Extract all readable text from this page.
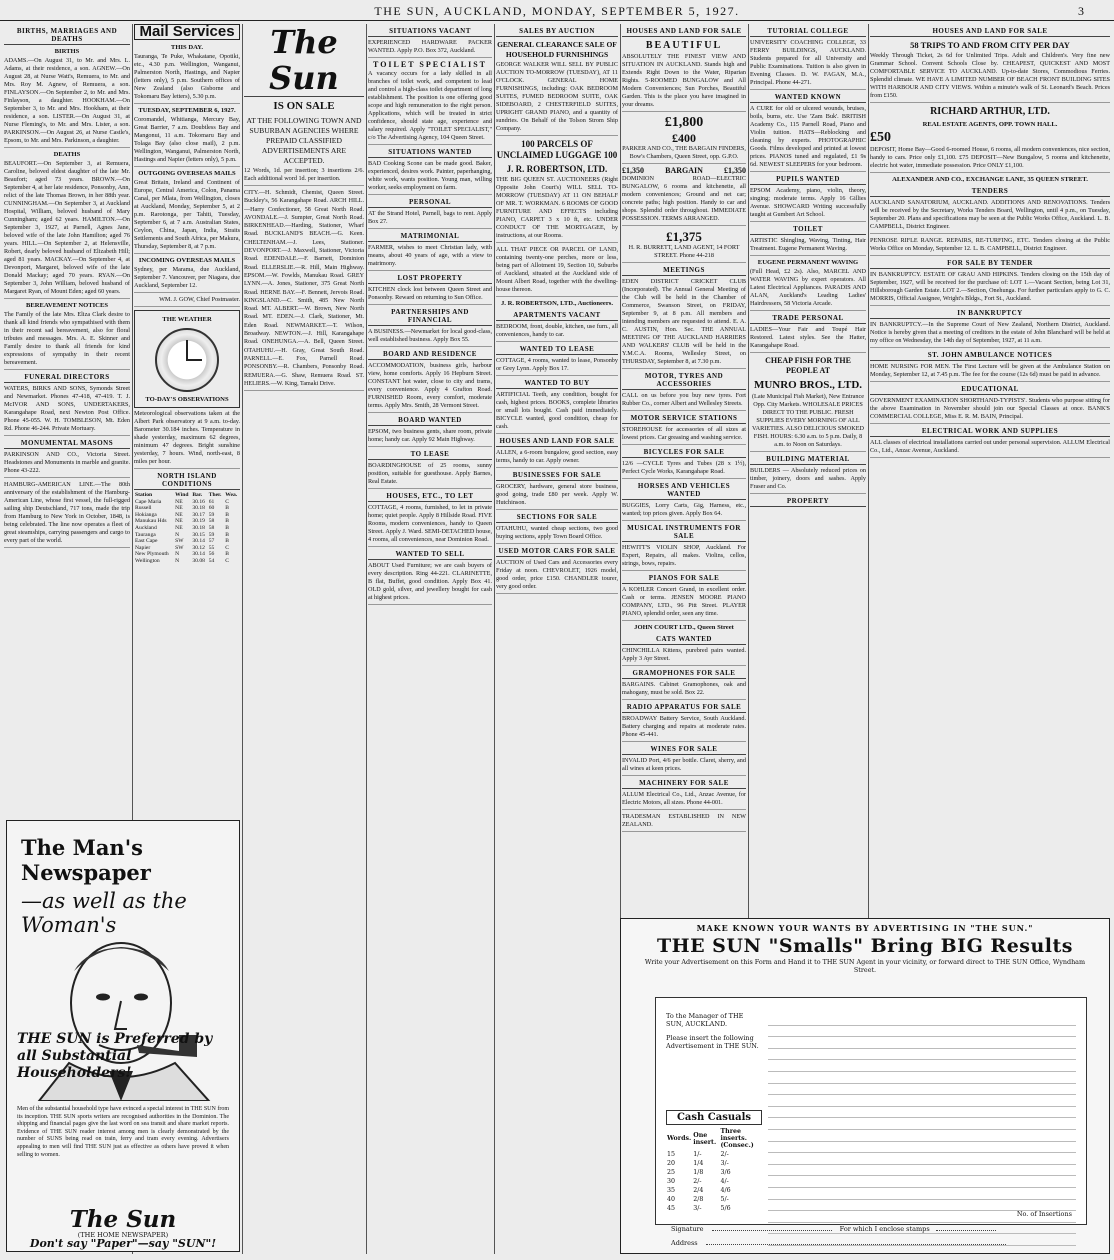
THE SUN, AUCKLAND, MONDAY, SEPTEMBER 5, 1927.	3
BIRTHS, MARRIAGES AND DEATHS
BIRTHS
ADAMS.—On August 31, to Mr. and Mrs. L. Adams, at their residence, a son. AGNEW.—On August 28, at Nurse Watt's, Remuera, to Mr. and Mrs. Roy M. Agnew, of Remuera, a son. FINLAYSON.—On September 2, to Mr. and Mrs. Finlayson, a daughter. HOOKHAM.—On September 3, to Mr. and Mrs. Hookham, at their residence, a son. LISTER.—On August 31, at Nurse Fleming's, to Mr. and Mrs. Lister, a son. PARKINSON.—On August 26, at Nurse Castle's, Epsom, to Mr. and Mrs. Parkinson, a daughter.
DEATHS
BEAUFORT.—On September 3, at Remuera, Caroline, beloved eldest daughter of the late Mr. Beaufort; aged 73 years. BROWN.—On September 4, at her late residence, Ponsonby, Ann, relict of the late Thomas Brown, in her 88th year. CUNNINGHAM.—On September 3, at Auckland Hospital, William, beloved husband of Mary Cunningham; aged 62 years. HAMILTON.—On September 3, 1927, at Parnell, Agnes Jane, beloved wife of the late John Hamilton; aged 76 years. HILL.—On September 2, at Helensville, Robert, dearly beloved husband of Elizabeth Hill; aged 81 years. MACKAY.—On September 4, at Devonport, Margaret, beloved wife of the late Donald Mackay; aged 70 years. RYAN.—On September 3, John William, beloved husband of Margaret Ryan, of Mount Eden; aged 60 years.
BEREAVEMENT NOTICES
The Family of the late Mrs. Eliza Clark desire to thank all kind friends who sympathised with them in their recent sad bereavement, also for floral tributes and messages. Mrs. A. E. Skinner and Family desire to thank all friends for kind expressions of sympathy in their recent bereavement.
FUNERAL DIRECTORS
WATERS, BIRKS AND SONS, Symonds Street and Newmarket. Phones 47-418, 47-419. T. J. McIVOR AND SONS, UNDERTAKERS, Karangahape Road, next Newton Post Office. Phone 45-055. W. H. TOMBLESON, Mt. Eden Rd. Phone 46-244. Private Mortuary.
MONUMENTAL MASONS
PARKINSON AND CO., Victoria Street. Headstones and Monuments in marble and granite. Phone 43-222.
HAMBURG-AMERICAN LINE.—The 80th anniversary of the establishment of the Hamburg-American Line, whose first vessel, the full-rigged sailing ship Deutschland, 717 tons, made the trip from Hamburg to New York in October, 1848, is being celebrated. The line now operates a fleet of great steamships, carrying passengers and cargo to every part of the world.
Mail Services
THIS DAY.
Tauranga, Te Puke, Whakatane, Opotiki, etc., 4.30 p.m. Wellington, Wanganui, Palmerston North, Hastings, and Napier (letters only), 5 p.m. Southern offices of New Zealand (also Gisborne and Tokomaru Bay letters), 5.30 p.m.
TUESDAY, SEPTEMBER 6, 1927.
Coromandel, Whitianga, Mercury Bay, Great Barrier, 7 a.m. Doubtless Bay and Mangonui, 11 a.m. Tokomaru Bay and Tolaga Bay (also close mail), 2 p.m. Wellington, Wanganui, Palmerston North, Hastings and Napier (letters only), 5 p.m.
OUTGOING OVERSEAS MAILS
Great Britain, Ireland and Continent of Europe, Central America, Colon, Panama Canal, per Mlata, from Wellington, closes at Auckland, Monday, September 5, at 2 p.m. Rarotonga, per Tahiti, Tuesday, September 6, at 7 a.m. Australian States, Ceylon, China, Japan, India, Straits Settlements and South Africa, per Makura, Thursday, September 8, at 7 p.m.
INCOMING OVERSEAS MAILS
Sydney, per Marama, due Auckland, September 7. Vancouver, per Niagara, due Auckland, September 12.
WM. J. GOW, Chief Postmaster.
THE WEATHER
TO-DAY'S OBSERVATIONS
Meteorological observations taken at the Albert Park observatory at 9 a.m. to-day. Barometer 30.184 inches. Temperature in shade yesterday, maximum 62 degrees, minimum 47 degrees. Bright sunshine yesterday, 7 hours. Wind, north-east, 8 miles per hour.
NORTH ISLAND CONDITIONS
Station	Wind	Bar.	Ther.	Wea.
Cape Maria	NE	30.16	61	C
Russell	NE	30.18	60	B
Hokianga	NE	30.17	59	B
Manukau Hds	NE	30.19	58	B
Auckland	NE	30.18	58	B
Tauranga	N	30.15	59	B
East Cape	SW	30.14	57	B
Napier	SW	30.12	55	C
New Plymouth	N	30.14	56	B
Wellington	N	30.08	54	C
The Sun
IS ON SALE
AT THE FOLLOWING TOWN AND SUBURBAN AGENCIES WHERE PREPAID CLASSIFIED ADVERTISEMENTS ARE ACCEPTED.
12 Words, 1d. per insertion; 3 insertions 2/6. Each additional word 1d. per insertion.
CITY.—H. Schmidt, Chemist, Queen Street. Buckley's, 56 Karangahape Road. ARCH HILL.—Harry Confectioner, 58 Great North Road. AVONDALE.—J. Sumpter, Great North Road. BIRKENHEAD.—Harding, Stationer, Wharf Road. BUCKLAND'S BEACH.—G. Keen. CHELTENHAM.—J. Lees, Stationer. DEVONPORT.—J. Maxwell, Stationer, Victoria Road. EDENDALE.—F. Barnett, Dominion Road. ELLERSLIE.—R. Hill, Main Highway. EPSOM.—W. Fowlds, Manukau Road. GREY LYNN.—A. Jones, Stationer, 375 Great North Road. HERNE BAY.—F. Bennett, Jervois Road. KINGSLAND.—C. Smith, 485 New North Road. MT. ALBERT.—W. Brown, New North Road. MT. EDEN.—J. Clark, Stationer, Mt. Eden Road. NEWMARKET.—T. Wilson, Broadway. NEWTON.—J. Hill, Karangahape Road. ONEHUNGA.—A. Bell, Queen Street. OTAHUHU.—H. Gray, Great South Road. PARNELL.—E. Fox, Parnell Road. PONSONBY.—R. Chambers, Ponsonby Road. REMUERA.—G. Shaw, Remuera Road. ST. HELIERS.—W. King, Tamaki Drive.
SITUATIONS VACANT
EXPERIENCED HARDWARE PACKER WANTED. Apply P.O. Box 372, Auckland.
TOILET SPECIALIST
A vacancy occurs for a lady skilled in all branches of toilet work, and competent to lead and control a high-class toilet department of long establishment. The position is one offering good scope and high remuneration to the right person. Applications, which will be treated in strict confidence, should state age, experience and salary required. Apply "TOILET SPECIALIST," c/o The Advertising Agency, 104 Queen Street.
SITUATIONS WANTED
BAD Cooking Scone can be made good. Baker, experienced, desires work. Painter, paperhanging, white work, wants position. Young man, willing worker, seeks employment on farm.
PERSONAL
AT the Strand Hotel, Parnell, bags to rent. Apply Box 27.
MATRIMONIAL
FARMER, wishes to meet Christian lady, with means, about 40 years of age, with a view to matrimony.
LOST PROPERTY
KITCHEN clock lost between Queen Street and Ponsonby. Reward on returning to Sun Office.
PARTNERSHIPS AND FINANCIAL
A BUSINESS.—Newmarket for local good-class, well established business. Apply Box 55.
BOARD AND RESIDENCE
ACCOMMODATION, business girls, harbour view, home comforts. Apply 16 Hepburn Street. CONSTANT hot water, close to city and trams, every convenience. Apply 4 Grafton Road. FURNISHED Room, every comfort, moderate terms. Apply Mrs. Smith, 28 Vermont Street.
BOARD WANTED
EPSOM, two business gents, share room, private home; handy car. Apply 92 Main Highway.
TO LEASE
BOARDINGHOUSE of 25 rooms, sunny position, suitable for guesthouse. Apply Barnes, Real Estate.
HOUSES, ETC., TO LET
COTTAGE, 4 rooms, furnished, to let in private home; quiet people. Apply 8 Hillside Road. FIVE Rooms, modern conveniences, handy to Queen Street. Apply J. Ward. SEMI-DETACHED house, 4 rooms, all conveniences, near Dominion Road.
WANTED TO SELL
ABOUT Used Furniture; we are cash buyers of every description. Ring 44-221. CLARINETTE, B flat, Buffet, good condition. Apply Box 41. OLD gold, silver, and jewellery bought for cash at highest prices.
SALES BY AUCTION
GENERAL CLEARANCE SALE OF HOUSEHOLD FURNISHINGS
GEORGE WALKER WILL SELL BY PUBLIC AUCTION TO-MORROW (TUESDAY), AT 11 O'CLOCK. GENERAL HOME FURNISHINGS, including: OAK BEDROOM SUITES, FUMED BEDROOM SUITE, OAK SIDEBOARD, 2 CHESTERFIELD SUITES, UPRIGHT GRAND PIANO, and a quantity of sundries. On Behalf of the Tolson Strom Ship Company.
100 PARCELS OF UNCLAIMED LUGGAGE 100
J. R. ROBERTSON, LTD.
THE BIG QUEEN ST. AUCTIONEERS (Right Opposite John Court's) WILL SELL TO-MORROW (TUESDAY) AT 11 ON BEHALF OF MR. T. WORKMAN. 6 ROOMS OF GOOD FURNITURE AND EFFECTS including PIANO, CARPET 3 x 10 ft, etc. UNDER CONDUCT OF THE MORTGAGEE, by instructions, at our Rooms.
ALL THAT PIECE OR PARCEL OF LAND, containing twenty-one perches, more or less, being part of Allotment 19, Section 10, Suburbs of Auckland, situated at the Auckland side of Mount Albert Road, together with the dwelling-house thereon.
J. R. ROBERTSON, LTD., Auctioneers.
APARTMENTS VACANT
BEDROOM, front, double, kitchen, use furn., all conveniences, handy to car.
WANTED TO LEASE
COTTAGE, 4 rooms, wanted to lease, Ponsonby or Grey Lynn. Apply Box 17.
WANTED TO BUY
ARTIFICIAL Teeth, any condition, bought for cash, highest prices. BOOKS, complete libraries or small lots bought. Cash paid immediately. BICYCLE wanted, good condition, cheap for cash.
HOUSES AND LAND FOR SALE
ALLEN, a 6-room bungalow, good section, easy terms, handy to car. Apply owner.
BUSINESSES FOR SALE
GROCERY, hardware, general store business, good going, trade £80 per week. Apply W. Hutchinson.
SECTIONS FOR SALE
OTAHUHU, wanted cheap sections, two good buying sections, apply Town Board Office.
USED MOTOR CARS FOR SALE
AUCTION of Used Cars and Accessories every Friday at noon. CHEVROLET, 1926 model, good order, price £150. CHANDLER tourer, very good order.
HOUSES AND LAND FOR SALE
BEAUTIFUL
ABSOLUTELY THE FINEST VIEW AND SITUATION IN AUCKLAND. Stands high and Extends Right Down to the Water, Riparian Rights. 5-ROOMED BUNGALOW and All Modern Conveniences; Sun Porches, Beautiful Garden. This is the place you have imagined in your dreams.
£1,800
£400
PARKER AND CO., THE BARGAIN FINDERS, Bow's Chambers, Queen Street, opp. G.P.O.
£1,350	BARGAIN	£1,350
DOMINION ROAD—ELECTRIC BUNGALOW, 6 rooms and kitchenette, all modern conveniences; Ground and net car; concrete paths; high position. Handy to car and shops. Splendid order throughout. IMMEDIATE POSSESSION. TERMS ARRANGED.
£1,375
H. R. BURRETT, LAND AGENT, 14 FORT STREET. Phone 44-218
MEETINGS
EDEN DISTRICT CRICKET CLUB (Incorporated). The Annual General Meeting of the Club will be held in the Chamber of Commerce, Swanson Street, on FRIDAY, September 9, at 8 p.m. All members and intending members are requested to attend. E. A. C. AUSTIN, Hon. Sec. THE ANNUAL MEETING OF THE AUCKLAND HARRIERS AND WALKERS' CLUB will be held in the Y.M.C.A. Rooms, Wellesley Street, on THURSDAY, September 8, at 7.30 p.m.
MOTOR, TYRES AND ACCESSORIES
CALL on us before you buy new tyres. Fort Rubber Co., corner Albert and Wellesley Streets.
MOTOR SERVICE STATIONS
STOREHOUSE for accessories of all sizes at lowest prices. Car greasing and washing service.
BICYCLES FOR SALE
12/6 —CYCLE Tyres and Tubes (28 x 1½), Perfect Cycle Works, Karangahape Road.
HORSES AND VEHICLES WANTED
BUGGIES, Lorry Carts, Gig, Harness, etc., wanted; top prices given. Apply Box 64.
MUSICAL INSTRUMENTS FOR SALE
HEWITT'S VIOLIN SHOP, Auckland. For Expert, Repairs, all makes. Violins, cellos, strings, bows, repairs.
PIANOS FOR SALE
A KOHLER Concert Grand, in excellent order. Cash or terms. JENSEN MOORE PIANO COMPANY, LTD., 96 Pitt Street. PLAYER PIANO, splendid order, seen any time.
JOHN COURT LTD., Queen Street
CATS WANTED
CHINCHILLA Kittens, purebred pairs wanted. Apply 3 Ayr Street.
GRAMOPHONES FOR SALE
BARGAINS. Cabinet Gramophones, oak and mahogany, must be sold. Box 22.
RADIO APPARATUS FOR SALE
BROADWAY Battery Service, South Auckland. Battery charging and repairs at moderate rates. Phone 45-441.
WINES FOR SALE
INVALID Port, 4/6 per bottle. Claret, sherry, and all wines at keen prices.
MACHINERY FOR SALE
ALLUM Electrical Co., Ltd., Anzac Avenue, for Electric Motors, all sizes. Phone 44-001.
TRADESMAN ESTABLISHED IN NEW ZEALAND.
TUTORIAL COLLEGE
UNIVERSITY COACHING COLLEGE, 33 FERRY BUILDINGS, AUCKLAND. Students prepared for all University and Public Examinations. Tuition is also given in Evening Classes. D. W. FAGAN, M.A., Principal. Phone 44-271.
WANTED KNOWN
A CURE for old or ulcered wounds, bruises, boils, burns, etc. Use 'Zam Buk'. BRITISH Academy Co., 115 Parnell Road, Piano and Violin tuition. HATS—Reblocking and cleaning by experts. PHOTOGRAPHIC Goods. Films developed and printed at lowest prices. PIANOS tuned and regulated, £1 9s 6d. NEWEST SLEEPERS for your bedroom.
PUPILS WANTED
EPSOM Academy, piano, violin, theory, singing; moderate terms. Apply 16 Gillies Avenue. SHOWCARD Writing successfully taught at Gumbert Art School.
TOILET
ARTISTIC Shingling, Waving, Tinting, Hair Treatment. Eugene Permanent Waving.
EUGENE PERMANENT WAVING
(Full Head, £2 2s). Also, MARCEL AND WATER WAVING by expert operators. All Latest Electrical Appliances. PARADIS AND ALAN, Auckland's Leading Ladies' Hairdressers, 58 Victoria Arcade.
TRADE PERSONAL
LADIES—Your Fair and Toupé Hair Restored. Latest styles. See the Hatter, Karangahape Road.
CHEAP FISH FOR THE PEOPLE AT
MUNRO BROS., LTD.
(Late Municipal Fish Market), New Entrance Opp. City Markets. WHOLESALE PRICES DIRECT TO THE PUBLIC. FRESH SUPPLIES EVERY MORNING OF ALL VARIETIES. ALSO DELICIOUS SMOKED FISH. HOURS: 6.30 a.m. to 5 p.m. Daily, 8 a.m. to Noon on Saturdays.
BUILDING MATERIAL
BUILDERS — Absolutely reduced prices on timber, joinery, doors and sashes. Apply Fraser and Co.
PROPERTY
HOUSES AND LAND FOR SALE
58 TRIPS TO AND FROM CITY PER DAY
Weekly Through Ticket, 2s 6d for Unlimited Trips. Adult and Children's. Very fine new Grammar School. Convent Schools Close by. CHEAPEST, QUICKEST AND MOST COMFORTABLE SERVICE TO AUCKLAND. Up-to-date Stores, Commodious Ferries. Splendid climate. WE HAVE A LIMITED NUMBER OF BEACH FRONT BUILDING SITES WITH HARBOUR AND CITY VIEWS. Within a minute's walk of St. Leonard's Beach. Prices from £150.
RICHARD ARTHUR, LTD.
REAL ESTATE AGENTS, OPP. TOWN HALL.
£50
DEPOSIT, Home Bay—Good 6-roomed House, 6 rooms, all modern conveniences, nice section, handy to cars. Price only £1,100. £75 DEPOSIT—New Bungalow, 5 rooms and kitchenette, electric hot water, immediate possession. Price ONLY £1,100.
ALEXANDER AND CO., EXCHANGE LANE, 35 QUEEN STREET.
TENDERS
AUCKLAND SANATORIUM, AUCKLAND. ADDITIONS AND RENOVATIONS. Tenders will be received by the Secretary, Works Tenders Board, Wellington, until 4 p.m., on Tuesday, September 20. Plans and specifications may be seen at the Public Works Office, Auckland. L. B. CAMPBELL, District Engineer.
PENROSE RIFLE RANGE. REPAIRS, RE-TURFING, ETC. Tenders closing at the Public Works Office on Monday, September 12. L. B. CAMPBELL, District Engineer.
FOR SALE BY TENDER
IN BANKRUPTCY. ESTATE OF GRAU AND HIPKINS. Tenders closing on the 15th day of September, 1927, will be received for the purchase of: LOT 1.—Vacant Section, being Lot 31, Hillsborough Garden Estate. LOT 2.—Section, Onehunga. For further particulars apply to G. C. MORRIS, Official Assignee, Wright's Bldgs., Fort St., Auckland.
IN BANKRUPTCY
IN BANKRUPTCY.—In the Supreme Court of New Zealand, Northern District, Auckland. Notice is hereby given that a meeting of creditors in the estate of John Blanchard will be held at my office on Wednesday, the 14th day of September, 1927, at 11 a.m.
ST. JOHN AMBULANCE NOTICES
HOME NURSING FOR MEN. The First Lecture will be given at the Ambulance Station on Monday, September 12, at 7.45 p.m. The fee for the course (12s 6d) must be paid in advance.
EDUCATIONAL
GOVERNMENT EXAMINATION SHORTHAND-TYPISTS'. Students who purpose sitting for the above Examination in November should join our Special Classes at once. BANK'S COMMERCIAL COLLEGE, Miss E. R. M. BAIN, Principal.
ELECTRICAL WORK AND SUPPLIES
ALL classes of electrical installations carried out under personal supervision. ALLUM Electrical Co., Ltd., Anzac Avenue, Auckland.
The Man's Newspaper
—as well as the Woman's
THE SUN is Preferred by all Substantial Householders!
Men of the substantial household type have evinced a special interest in THE SUN from its inception. THE SUN sports writers are recognised authorities in the Dominion. The shipping and financial pages give the last word on sea transit and share market reports. Evidence of THE SUN reader interest among men is clearly demonstrated by the number of SUNS being read on train, ferry and tram every evening. Advertisers appealing to men will find THE SUN just as effective as others have proved it when selling to women.
The Sun
(THE HOME NEWSPAPER)
Don't say "Paper"—say "SUN"!
MAKE KNOWN YOUR WANTS BY ADVERTISING IN "THE SUN."
THE SUN "Smalls" Bring BIG Results
Write your Advertisement on this Form and Hand it to THE SUN Agent in your vicinity, or forward direct to THE SUN Office, Wyndham Street.
To the Manager of THE SUN, AUCKLAND.
Please insert the following Advertisement in THE SUN.
Cash Casuals
Words.	One insert.	Three inserts. (Consec.)
15	1/-	2/-
20	1/4	3/-
25	1/8	3/6
30	2/-	4/-
35	2/4	4/6
40	2/8	5/-
45	3/-	5/6
No. of Insertions
Signature	For which I enclose stamps
Address
